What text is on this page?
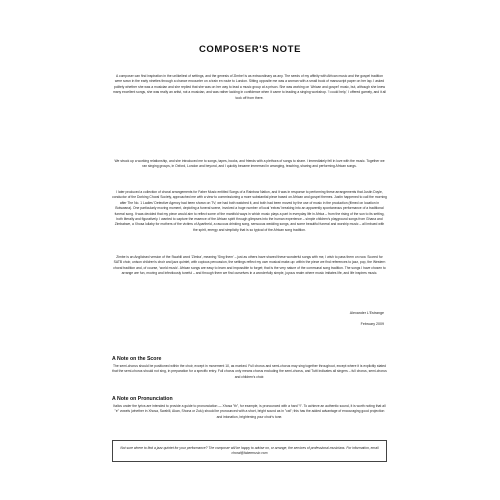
COMPOSER'S NOTE

A composer can find inspiration in the unlikeliest of settings, and the genesis of Zimbe! is as extraordinary as any. The seeds of my affinity with African music and the gospel tradition were sown in the early nineties through a chance encounter on a train en route to London. Sitting opposite me was a woman with a small book of manuscript paper on her lap. I asked politely whether she was a musician and she replied that she was on her way to lead a music group at a prison. She was working on 'African and gospel' music, but, although she knew many excellent songs, she was really an artist, not a musician, and was rather lacking in confidence when it came to leading a singing workshop. 'I could help,' I offered gamely, and it all took off from there.

We struck up a working relationship, and she introduced me to songs, tapes, books, and friends with a plethora of songs to share. I immediately fell in love with the music. Together we ran singing groups, in Oxford, London and beyond, and I quickly became immersed in arranging, teaching, sharing and performing African songs.

I later produced a collection of choral arrangements for Faber Music entitled Songs of a Rainbow Nation, and it was in response to performing these arrangements that Justin Doyle, conductor of the Dorking Choral Society, approached me with a view to commissioning a more substantial piece based on African and gospel themes. Justin happened to call the morning after The No. 1 Ladies' Detective Agency had been shown on TV; we had both watched it, and both had been moved by the use of music in the production (filmed on location in Botswana). One particularly moving moment, depicting a funeral scene, involved a huge number of local 'extras' breaking into an apparently spontaneous performance of a traditional funeral song. It was decided that my piece would aim to reflect some of the manifold ways in which music plays a part in everyday life in Africa – from the rising of the sun to its setting, both literally and figuratively. I wanted to capture the essence of the African spirit through glimpses into the human experience – simple children's playground songs from Ghana and Zimbabwe, a Xhosa lullaby for mothers of the victims of Apartheid, a raucous drinking song, sensuous wedding songs, and some beautiful funeral and worship music – all imbued with the spirit, energy and simplicity that is so typical of the African song tradition.

Zimbe is an Anglicised version of the Swahili word 'Zimba', meaning 'Sing them' – just as others have shared these wonderful songs with me, I wish to pass them on now. Scored for SATB choir, unison children's choir and jazz quintet, with copious percussion, the settings reflect my own musical make-up: within the piece we find references to jazz, pop, the Western choral tradition and, of course, 'world music'. African songs are easy to learn and impossible to forget; that is the very nature of the communal song tradition. The songs I have chosen to arrange are fun, moving and infectiously tuneful – and through them we find ourselves in a wonderfully simple, joyous realm where music imitates life, and life inspires music.

Alexander L'Estrange
February 2009
A Note on the Score

The semi-chorus should be positioned within the choir, except in movement 10, as marked. Full chorus and semi-chorus may sing together throughout, except where it is explicitly stated that the semi-chorus should not sing, in preparation for a specific entry. Full chorus only means chorus excluding the semi-chorus, and Tutti indicates all singers – full chorus, semi-chorus and children's choir.

A Note on Pronunciation

Italics under the lyrics are intended to provide a guide to pronunciation — Xhosa "th", for example, is pronounced with a hard "t". To achieve an authentic sound, it is worth noting that all "e" vowels (whether in Xhosa, Swahili, Akan, Shona or Zulu) should be pronounced with a short, bright sound as in "cat"; this has the added advantage of encouraging good projection and intonation, brightening your choir's tone.

Not sure where to find a jazz quintet for your performance? The composer will be happy to advise on, or arrange, the services of professional musicians. For information, email choral@fabermusic.com
